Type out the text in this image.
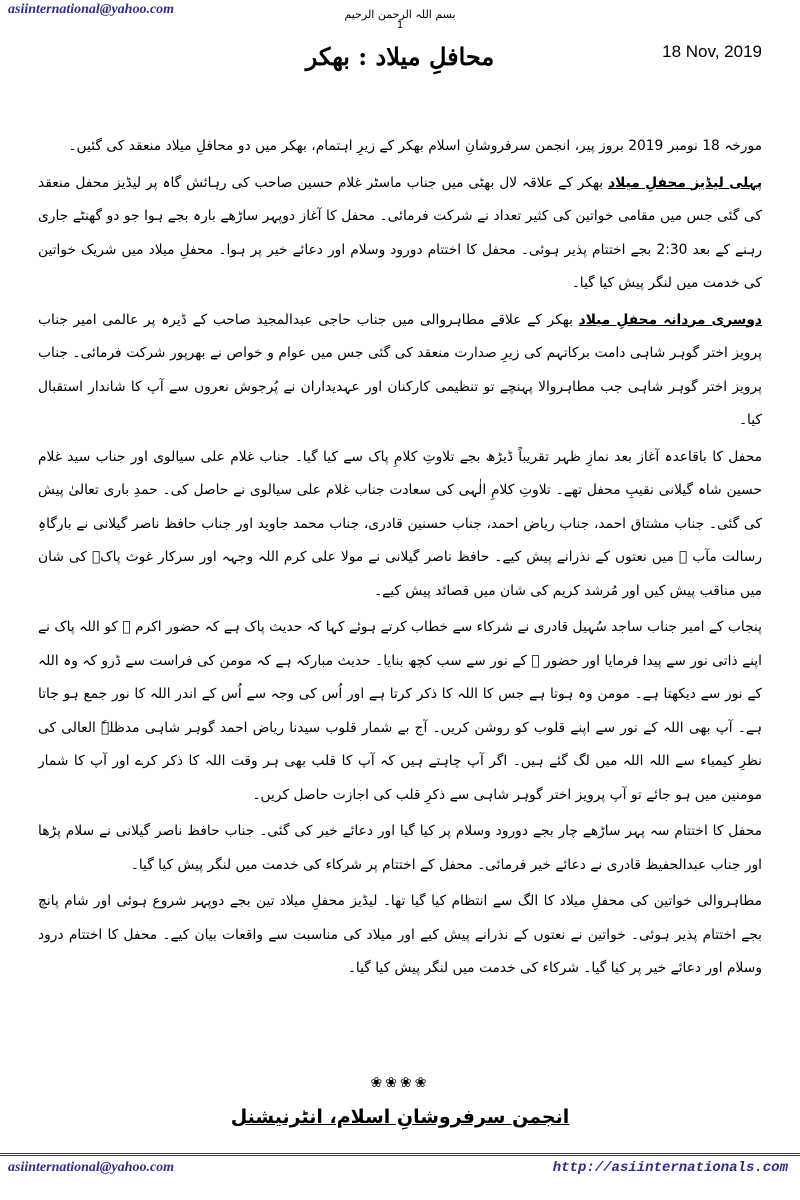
asiinternational@yahoo.com	بسم اللہ الرحمن الرحیم
1
18 Nov, 2019
محافلِ میلاد : بھکر

مورخہ 18 نومبر 2019 بروز پیر، انجمن سرفروشانِ اسلام بھکر کے زیرِ اہتمام، بھکر میں دو محافلِ میلاد منعقد کی گئیں۔

پہلی لیڈیز محفلِ میلاد بھکر کے علاقہ لال بھٹی میں جناب ماسٹر غلام حسین صاحب کی رہائش گاہ پر لیڈیز محفل منعقد کی گئی جس میں مقامی خواتین کی کثیر تعداد نے شرکت فرمائی۔ محفل کا آغاز دوپہر ساڑھے بارہ بجے ہوا جو دو گھنٹے جاری رہنے کے بعد 2:30 بجے اختتام پذیر ہوئی۔ محفل کا اختتام دورود وسلام اور دعائے خیر پر ہوا۔ محفلِ میلاد میں شریک خواتین کی خدمت میں لنگر پیش کیا گیا۔

دوسری مردانہ محفلِ میلاد بھکر کے علاقے مطاہروالی میں جناب حاجی عبدالمجید صاحب کے ڈیرہ پر عالمی امیر جناب پرویز اختر گوہر شاہی دامت برکاتہم کی زیرِ صدارت منعقد کی گئی جس میں عوام و خواص نے بھرپور شرکت فرمائی۔ جناب پرویز اختر گوہر شاہی جب مطاہروالا پہنچے تو تنظیمی کارکنان اور عہدیداران نے پُرجوش نعروں سے آپ کا شاندار استقبال کیا۔

محفل کا باقاعدہ آغاز بعد نمازِ ظہر تقریباً ڈیڑھ بجے تلاوتِ کلامِ پاک سے کیا گیا۔ جناب غلام علی سیالوی اور جناب سید غلام حسین شاہ گیلانی نقیبِ محفل تھے۔ تلاوتِ کلامِ الٰہی کی سعادت جناب غلام علی سیالوی نے حاصل کی۔ حمدِ باری تعالیٰ پیش کی گئی۔ جناب مشتاق احمد، جناب ریاض احمد، جناب حسنین قادری، جناب محمد جاوید اور جناب حافظ ناصر گیلانی نے بارگاہِ رسالت مآب ﷺ میں نعتوں کے نذرانے پیش کیے۔ حافظ ناصر گیلانی نے مولا علی کرم اللہ وجہہ اور سرکار غوث پاکؓ کی شان میں مناقب پیش کیں اور مُرشد کریم کی شان میں قصائد پیش کیے۔

پنجاب کے امیر جناب ساجد سُہیل قادری نے شرکاء سے خطاب کرتے ہوئے کہا کہ حدیث پاک ہے کہ حضور اکرم ﷺ کو اللہ پاک نے اپنے ذاتی نور سے پیدا فرمایا اور حضور ﷺ کے نور سے سب کچھ بنایا۔ حدیث مبارکہ ہے کہ مومن کی فراست سے ڈرو کہ وہ اللہ کے نور سے دیکھتا ہے۔ مومن وہ ہوتا ہے جس کا اللہ کا ذکر کرتا ہے اور اُس کی وجہ سے اُس کے اندر اللہ کا نور جمع ہو جاتا ہے۔ آپ بھی اللہ کے نور سے اپنے قلوب کو روشن کریں۔ آج بے شمار قلوب سیدنا ریاض احمد گوہر شاہی مدظلہٗ العالی کی نظرِ کیمیاء سے اللہ اللہ میں لگ گئے ہیں۔ اگر آپ چاہتے ہیں کہ آپ کا قلب بھی ہر وقت اللہ کا ذکر کرے اور آپ کا شمار مومنین میں ہو جائے تو آپ پرویز اختر گوہر شاہی سے ذکرِ قلب کی اجازت حاصل کریں۔

محفل کا اختتام سہ پہر ساڑھے چار بجے دورود وسلام پر کیا گیا اور دعائے خیر کی گئی۔ جناب حافظ ناصر گیلانی نے سلام پڑھا اور جناب عبدالحفیظ قادری نے دعائے خیر فرمائی۔ محفل کے اختتام پر شرکاء کی خدمت میں لنگر پیش کیا گیا۔

مطاہروالی خواتین کی محفلِ میلاد کا الگ سے انتظام کیا گیا تھا۔ لیڈیز محفلِ میلاد تین بجے دوپہر شروع ہوئی اور شام پانچ بجے اختتام پذیر ہوئی۔ خواتین نے نعتوں کے نذرانے پیش کیے اور میلاد کی مناسبت سے واقعات بیان کیے۔ محفل کا اختتام درود وسلام اور دعائے خیر پر کیا گیا۔ شرکاء کی خدمت میں لنگر پیش کیا گیا۔

❀❀❀❀
انجمن سرفروشانِ اسلام، انٹرنیشنل
asiinternational@yahoo.com	http://asiinternationals.com
